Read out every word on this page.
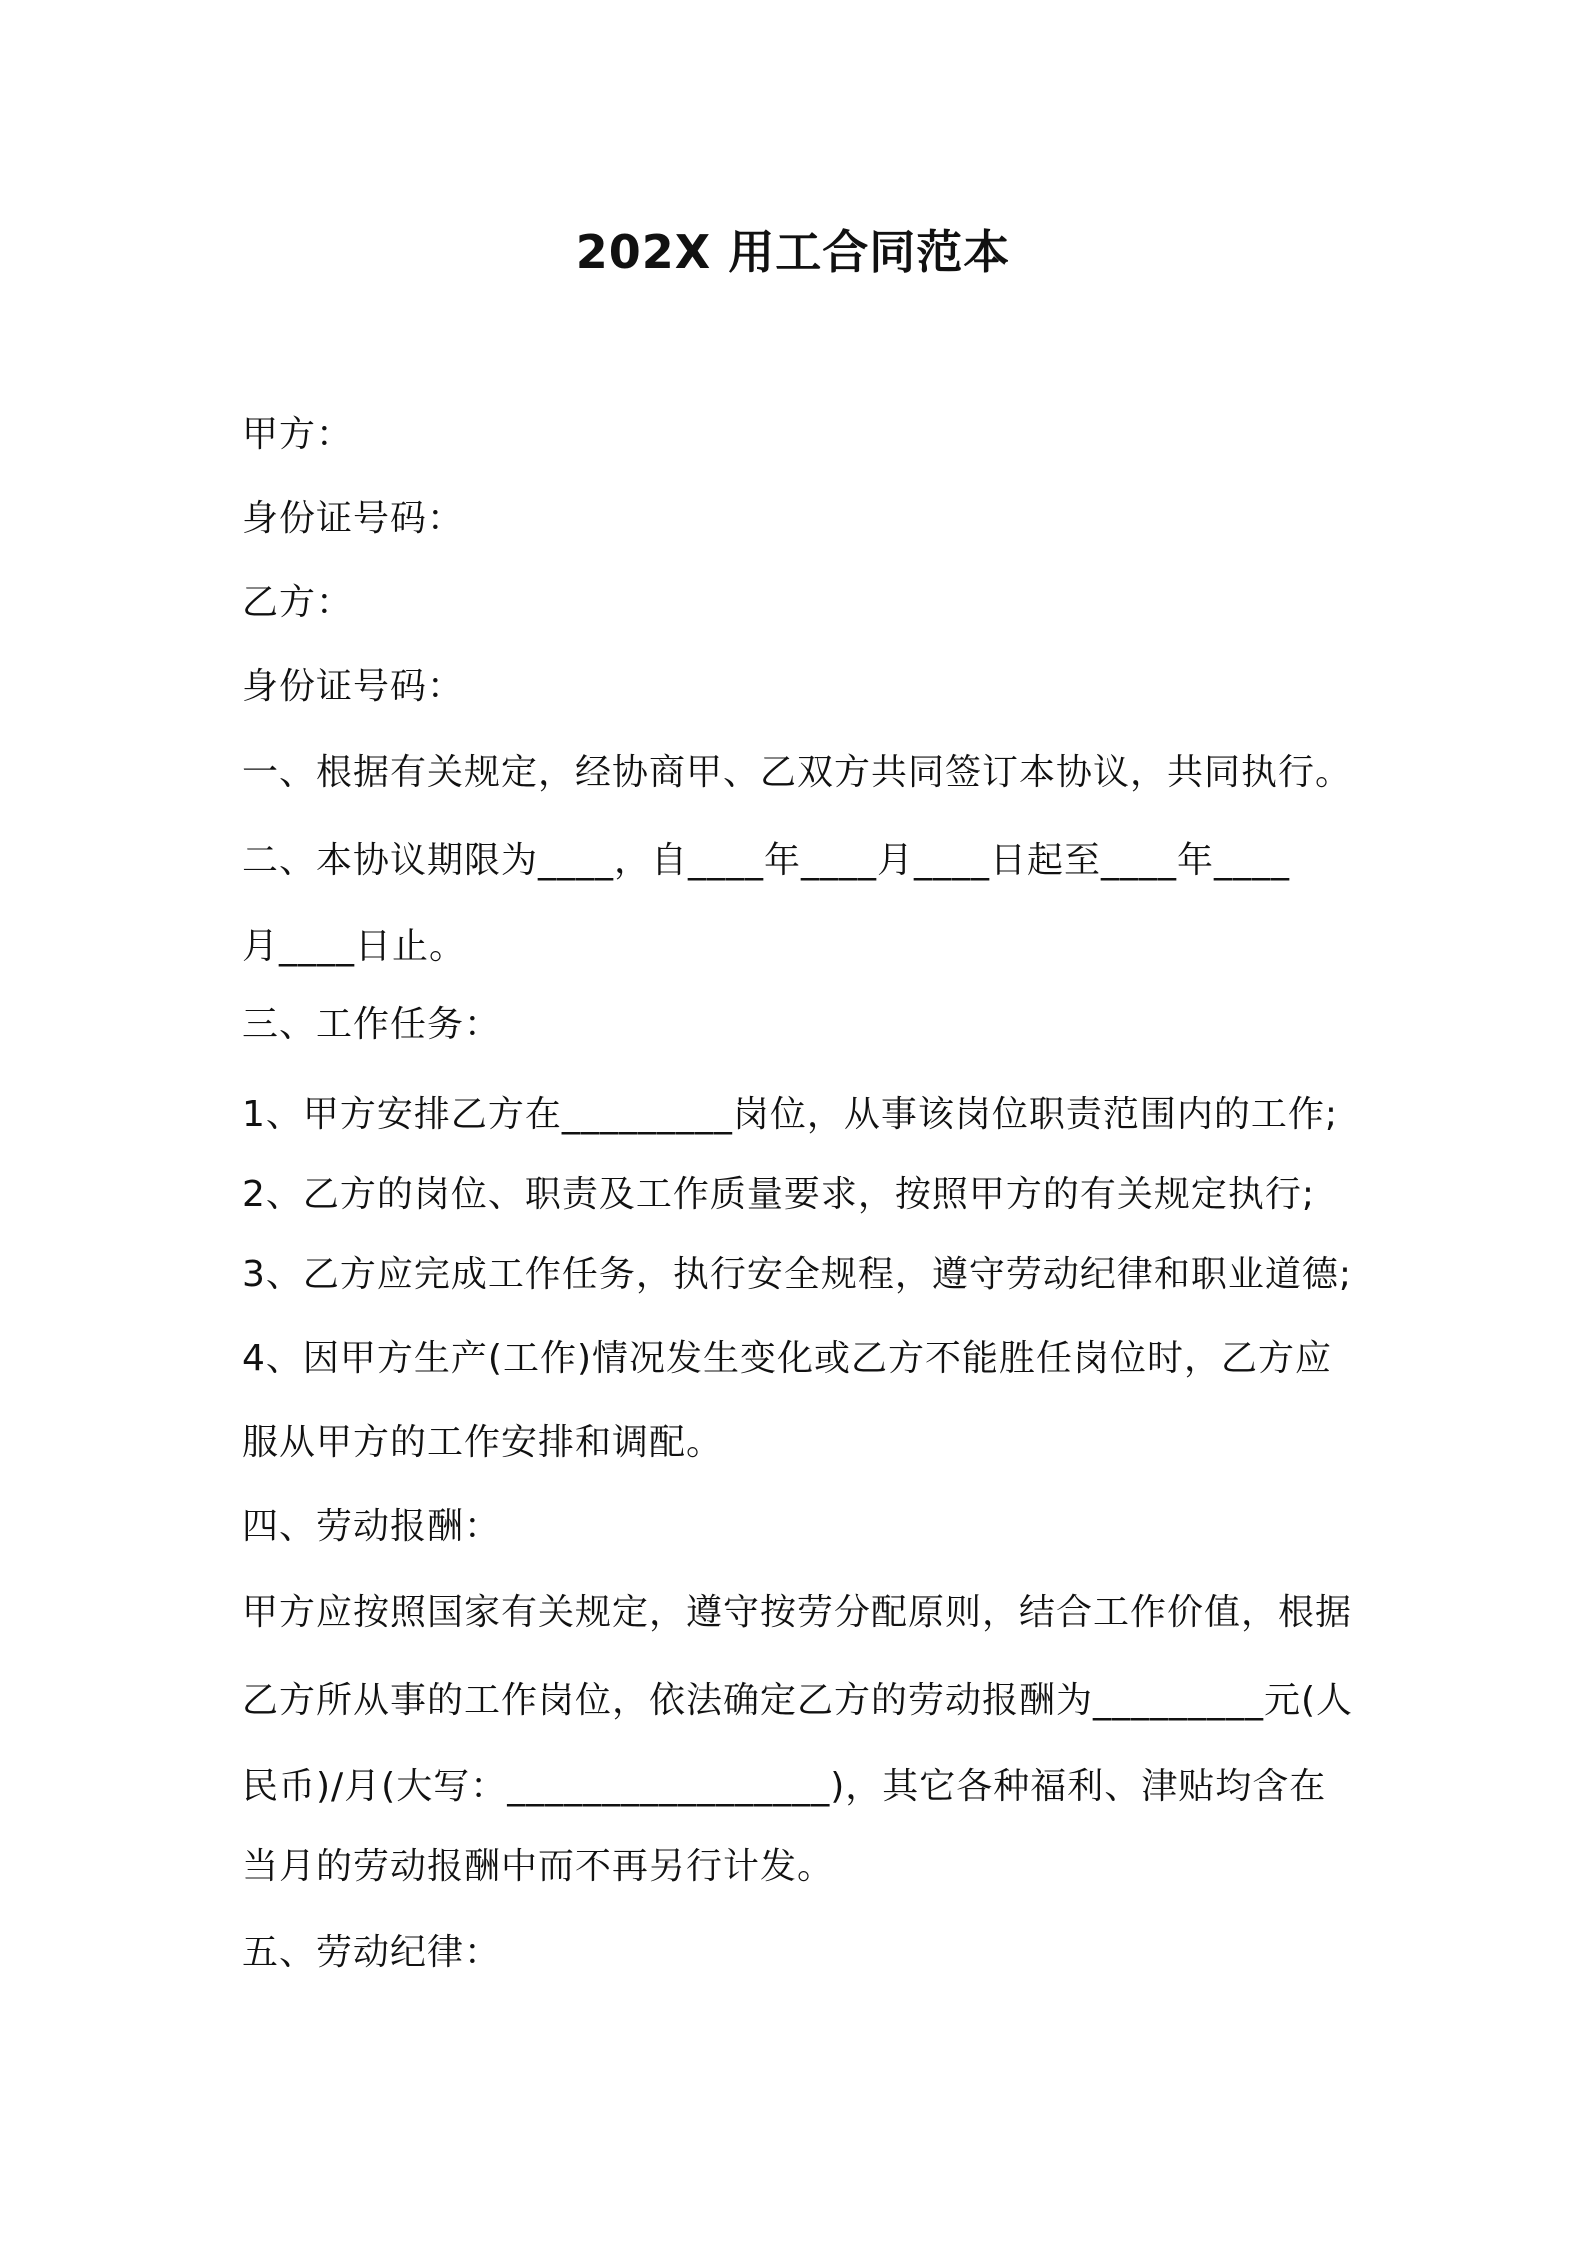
202X 用工合同范本
甲方：
身份证号码：
乙方：
身份证号码：
一、根据有关规定，经协商甲、乙双方共同签订本协议，共同执行。
二、本协议期限为____，自____年____月____日起至____年____
月____日止。
三、工作任务：
1、甲方安排乙方在_________岗位，从事该岗位职责范围内的工作;
2、乙方的岗位、职责及工作质量要求，按照甲方的有关规定执行;
3、乙方应完成工作任务，执行安全规程，遵守劳动纪律和职业道德;
4、因甲方生产(工作)情况发生变化或乙方不能胜任岗位时，乙方应
服从甲方的工作安排和调配。
四、劳动报酬：
甲方应按照国家有关规定，遵守按劳分配原则，结合工作价值，根据
乙方所从事的工作岗位，依法确定乙方的劳动报酬为_________元(人
民币)/月(大写：_________________)，其它各种福利、津贴均含在
当月的劳动报酬中而不再另行计发。
五、劳动纪律：
